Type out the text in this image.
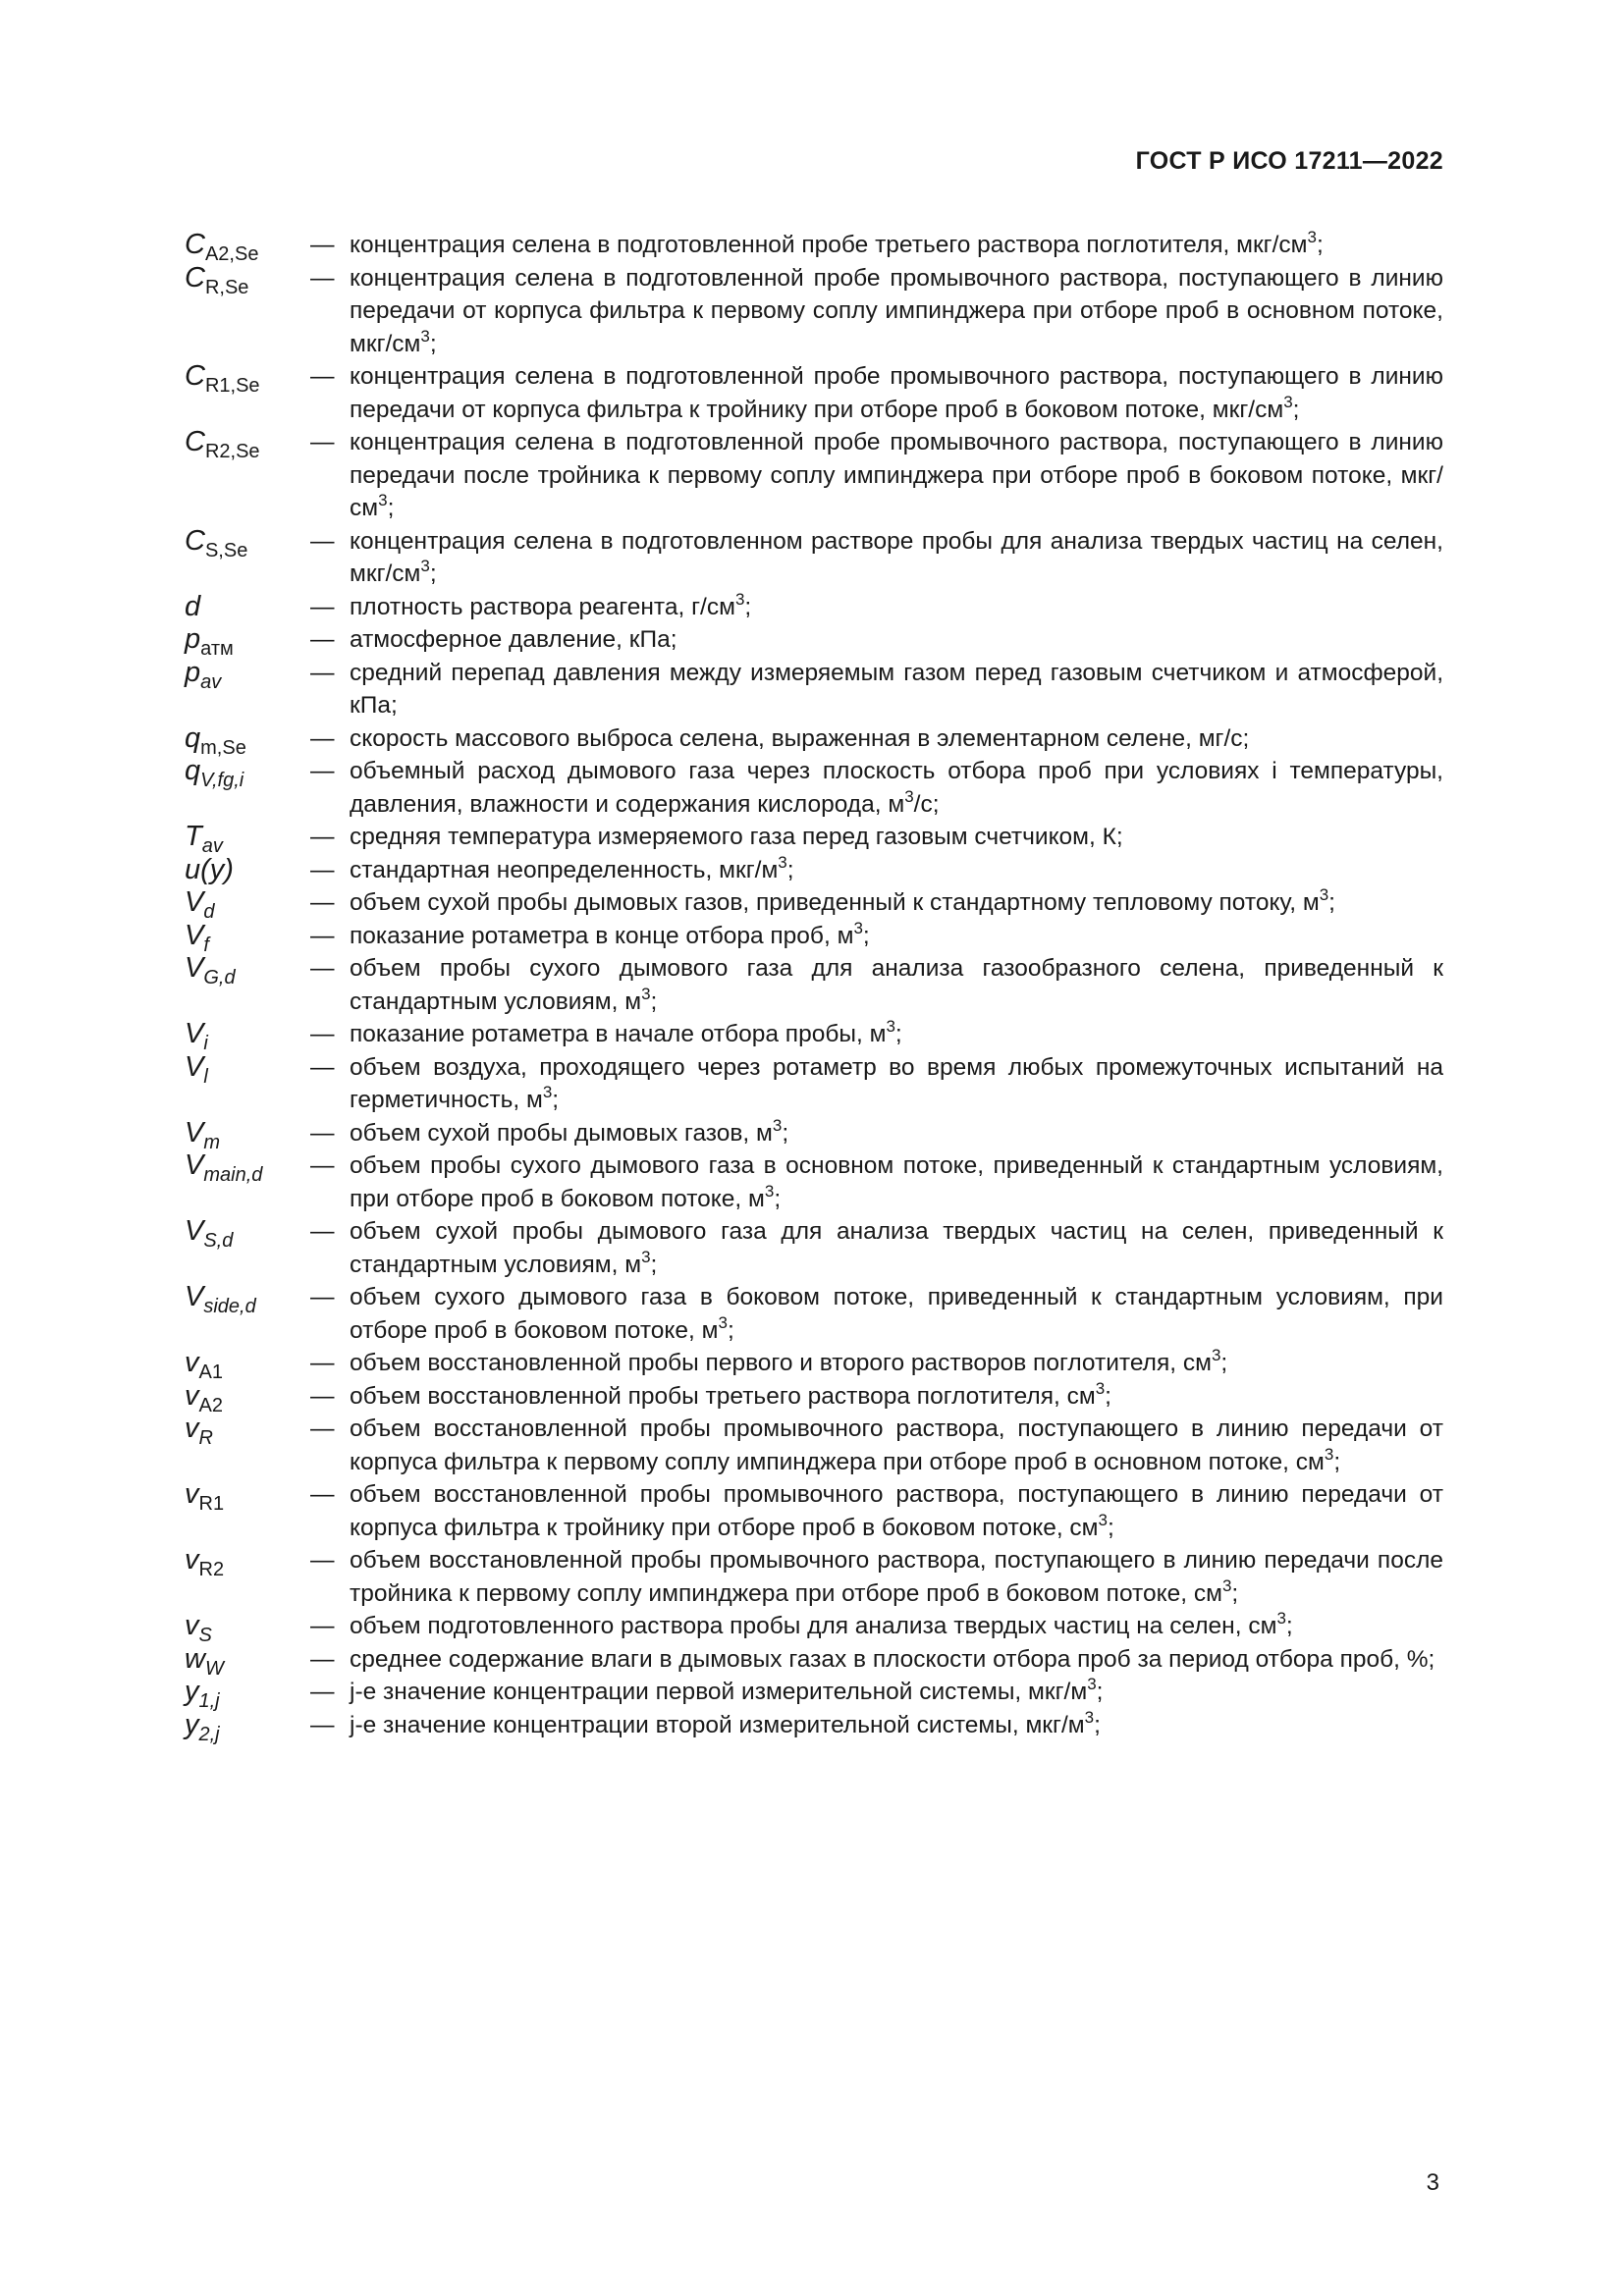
ГОСТ Р ИСО 17211—2022
$C_{A2,Se}$	— концентрация селена в подготовленной пробе третьего раствора поглотителя, мкг/$см^3$;
$C_{R,Se}$	— концентрация селена в подготовленной пробе промывочного раствора, поступающего в линию передачи от корпуса фильтра к первому соплу импинджера при отборе проб в основном потоке, мкг/$см^3$;
$C_{R1,Se}$	— концентрация селена в подготовленной пробе промывочного раствора, поступающего в линию передачи от корпуса фильтра к тройнику при отборе проб в боковом потоке, мкг/$см^3$;
$C_{R2,Se}$	— концентрация селена в подготовленной пробе промывочного раствора, поступающего в линию передачи после тройника к первому соплу импинджера при отборе проб в боковом потоке, мкг/$см^3$;
$C_{S,Se}$	— концентрация селена в подготовленном растворе пробы для анализа твердых частиц на селен, мкг/$см^3$;
d	— плотность раствора реагента, $г/см^3$;
$p_{атм}$	— атмосферное давление, кПа;
$p_{av}$	— средний перепад давления между измеряемым газом перед газовым счетчиком и атмосферой, кПа;
$q_{m,Se}$	— скорость массового выброса селена, выраженная в элементарном селене, мг/с;
$q_{V,fg,i}$	— объемный расход дымового газа через плоскость отбора проб при условиях i температуры, давления, влажности и содержания кислорода, $м^3/с$;
$T_{av}$	— средняя температура измеряемого газа перед газовым счетчиком, К;
u(y)	— стандартная неопределенность, мкг/$м^3$;
$V_d$	— объем сухой пробы дымовых газов, приведенный к стандартному тепловому потоку, $м^3$;
$V_f$	— показание ротаметра в конце отбора проб, $м^3$;
$V_{G,d}$	— объем пробы сухого дымового газа для анализа газообразного селена, приведенный к стандартным условиям, $м^3$;
$V_i$	— показание ротаметра в начале отбора пробы, $м^3$;
$V_l$	— объем воздуха, проходящего через ротаметр во время любых промежуточных испытаний на герметичность, $м^3$;
$V_m$	— объем сухой пробы дымовых газов, $м^3$;
$V_{main,d}$	— объем пробы сухого дымового газа в основном потоке, приведенный к стандартным условиям, при отборе проб в боковом потоке, $м^3$;
$V_{S,d}$	— объем сухой пробы дымового газа для анализа твердых частиц на селен, приведенный к стандартным условиям, $м^3$;
$V_{side,d}$	— объем сухого дымового газа в боковом потоке, приведенный к стандартным условиям, при отборе проб в боковом потоке, $м^3$;
$v_{A1}$	— объем восстановленной пробы первого и второго растворов поглотителя, $см^3$;
$v_{A2}$	— объем восстановленной пробы третьего раствора поглотителя, $см^3$;
$v_R$	— объем восстановленной пробы промывочного раствора, поступающего в линию передачи от корпуса фильтра к первому соплу импинджера при отборе проб в основном потоке, $см^3$;
$v_{R1}$	— объем восстановленной пробы промывочного раствора, поступающего в линию передачи от корпуса фильтра к тройнику при отборе проб в боковом потоке, $см^3$;
$v_{R2}$	— объем восстановленной пробы промывочного раствора, поступающего в линию передачи после тройника к первому соплу импинджера при отборе проб в боковом потоке, $см^3$;
$v_S$	— объем подготовленного раствора пробы для анализа твердых частиц на селен, $см^3$;
$w_W$	— среднее содержание влаги в дымовых газах в плоскости отбора проб за период отбора проб, %;
$y_{1,j}$	— j-е значение концентрации первой измерительной системы, мкг/$м^3$;
$y_{2,j}$	— j-е значение концентрации второй измерительной системы, мкг/$м^3$;
3
